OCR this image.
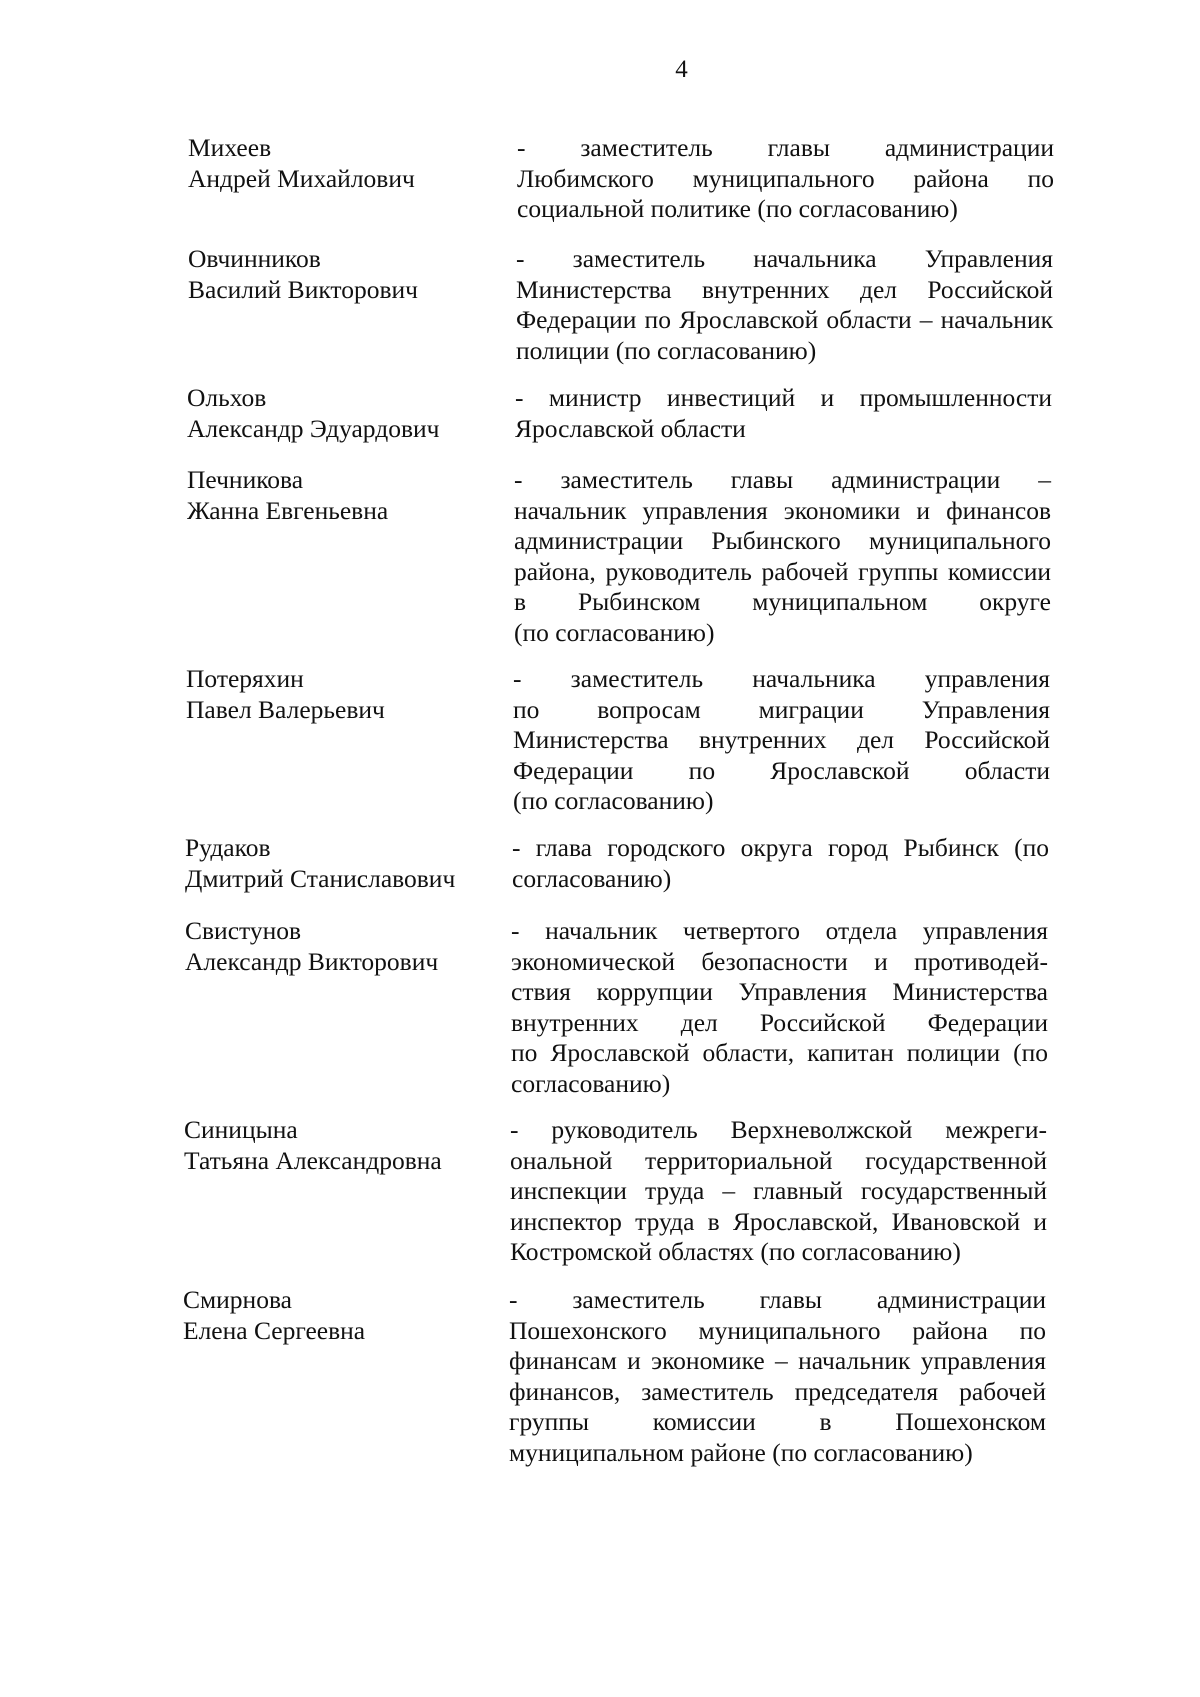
4
Михеев
Андрей Михайлович
- заместитель главы администрации
Любимского муниципального района по
социальной политике (по согласованию)
Овчинников
Василий Викторович
- заместитель начальника Управления
Министерства внутренних дел Российской
Федерации по Ярославской области – начальник
полиции (по согласованию)
Ольхов
Александр Эдуардович
- министр инвестиций и промышленности
Ярославской области
Печникова
Жанна Евгеньевна
- заместитель главы администрации –
начальник управления экономики и финансов
администрации Рыбинского муниципального
района, руководитель рабочей группы комиссии
в Рыбинском муниципальном округе
(по согласованию)
Потеряхин
Павел Валерьевич
- заместитель начальника управления
по вопросам миграции Управления
Министерства внутренних дел Российской
Федерации по Ярославской области
(по согласованию)
Рудаков
Дмитрий Станиславович
- глава городского округа город Рыбинск (по
согласованию)
Свистунов
Александр Викторович
- начальник четвертого отдела управления
экономической безопасности и противодей-
ствия коррупции Управления Министерства
внутренних дел Российской Федерации
по Ярославской области, капитан полиции (по
согласованию)
Синицына
Татьяна Александровна
- руководитель Верхневолжской межреги-
ональной территориальной государственной
инспекции труда – главный государственный
инспектор труда в Ярославской, Ивановской и
Костромской областях (по согласованию)
Смирнова
Елена Сергеевна
- заместитель главы администрации
Пошехонского муниципального района по
финансам и экономике – начальник управления
финансов, заместитель председателя рабочей
группы комиссии в Пошехонском
муниципальном районе (по согласованию)
